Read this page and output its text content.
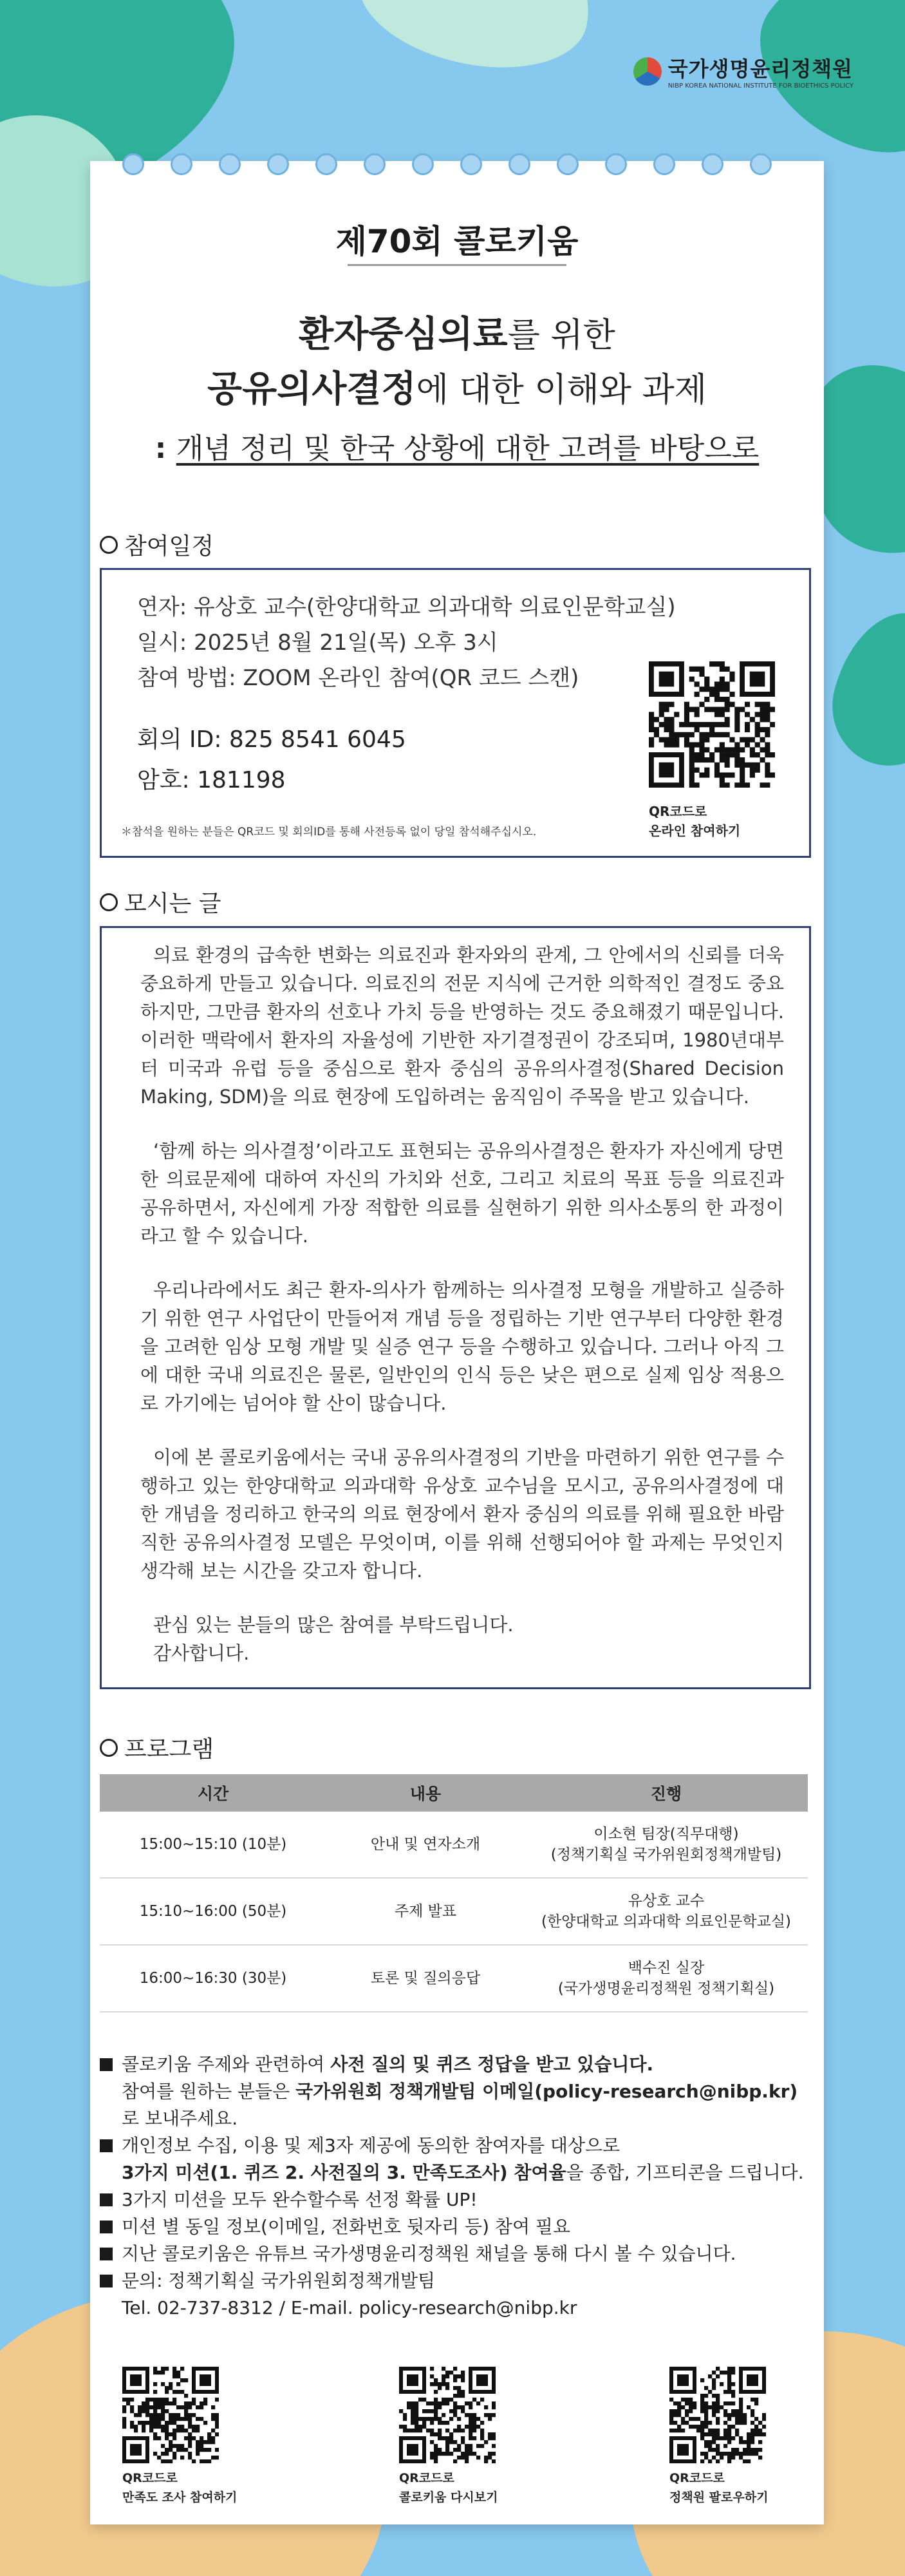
국가생명윤리정책원
NIBP KOREA NATIONAL INSTITUTE FOR BIOETHICS POLICY
제70회 콜로키움
환자중심의료를 위한
공유의사결정에 대한 이해와 과제
: 개념 정리 및 한국 상황에 대한 고려를 바탕으로
참여일정
연자: 유상호 교수(한양대학교 의과대학 의료인문학교실)
일시: 2025년 8월 21일(목) 오후 3시
참여 방법: ZOOM 온라인 참여(QR 코드 스캔)
회의 ID: 825 8541 6045
암호: 181198
＊참석을 원하는 분들은 QR코드 및 회의ID를 통해 사전등록 없이 당일 참석해주십시오.
QR코드로
온라인 참여하기
모시는 글

의료 환경의 급속한 변화는 의료진과 환자와의 관계, 그 안에서의 신뢰를 더욱 중요하게 만들고 있습니다. 의료진의 전문 지식에 근거한 의학적인 결정도 중요하지만, 그만큼 환자의 선호나 가치 등을 반영하는 것도 중요해졌기 때문입니다. 이러한 맥락에서 환자의 자율성에 기반한 자기결정권이 강조되며, 1980년대부터 미국과 유럽 등을 중심으로 환자 중심의 공유의사결정(Shared Decision Making, SDM)을 의료 현장에 도입하려는 움직임이 주목을 받고 있습니다.

‘함께 하는 의사결정’이라고도 표현되는 공유의사결정은 환자가 자신에게 당면한 의료문제에 대하여 자신의 가치와 선호, 그리고 치료의 목표 등을 의료진과 공유하면서, 자신에게 가장 적합한 의료를 실현하기 위한 의사소통의 한 과정이라고 할 수 있습니다.

우리나라에서도 최근 환자-의사가 함께하는 의사결정 모형을 개발하고 실증하기 위한 연구 사업단이 만들어져 개념 등을 정립하는 기반 연구부터 다양한 환경을 고려한 임상 모형 개발 및 실증 연구 등을 수행하고 있습니다. 그러나 아직 그에 대한 국내 의료진은 물론, 일반인의 인식 등은 낮은 편으로 실제 임상 적용으로 가기에는 넘어야 할 산이 많습니다.

이에 본 콜로키움에서는 국내 공유의사결정의 기반을 마련하기 위한 연구를 수행하고 있는 한양대학교 의과대학 유상호 교수님을 모시고, 공유의사결정에 대한 개념을 정리하고 한국의 의료 현장에서 환자 중심의 의료를 위해 필요한 바람직한 공유의사결정 모델은 무엇이며, 이를 위해 선행되어야 할 과제는 무엇인지 생각해 보는 시간을 갖고자 합니다.

관심 있는 분들의 많은 참여를 부탁드립니다.

감사합니다.

프로그램
시간	내용	진행
15:00~15:10 (10분)	안내 및 연자소개	이소현 팀장(직무대행)
(정책기획실 국가위원회정책개발팀)

15:10~16:00 (50분)	주제 발표	유상호 교수
(한양대학교 의과대학 의료인문학교실)

16:00~16:30 (30분)	토론 및 질의응답	백수진 실장
(국가생명윤리정책원 정책기획실)
콜로키움 주제와 관련하여 사전 질의 및 퀴즈 정답을 받고 있습니다.
참여를 원하는 분들은 국가위원회 정책개발팀 이메일(policy-research@nibp.kr)
로 보내주세요.
개인정보 수집, 이용 및 제3자 제공에 동의한 참여자를 대상으로
3가지 미션(1. 퀴즈 2. 사전질의 3. 만족도조사) 참여율을 종합, 기프티콘을 드립니다.
3가지 미션을 모두 완수할수록 선정 확률 UP!
미션 별 동일 정보(이메일, 전화번호 뒷자리 등) 참여 필요
지난 콜로키움은 유튜브 국가생명윤리정책원 채널을 통해 다시 볼 수 있습니다.
문의: 정책기획실 국가위원회정책개발팀
Tel. 02-737-8312 / E-mail. policy-research@nibp.kr
QR코드로
만족도 조사 참여하기
QR코드로
콜로키움 다시보기
QR코드로
정책원 팔로우하기
